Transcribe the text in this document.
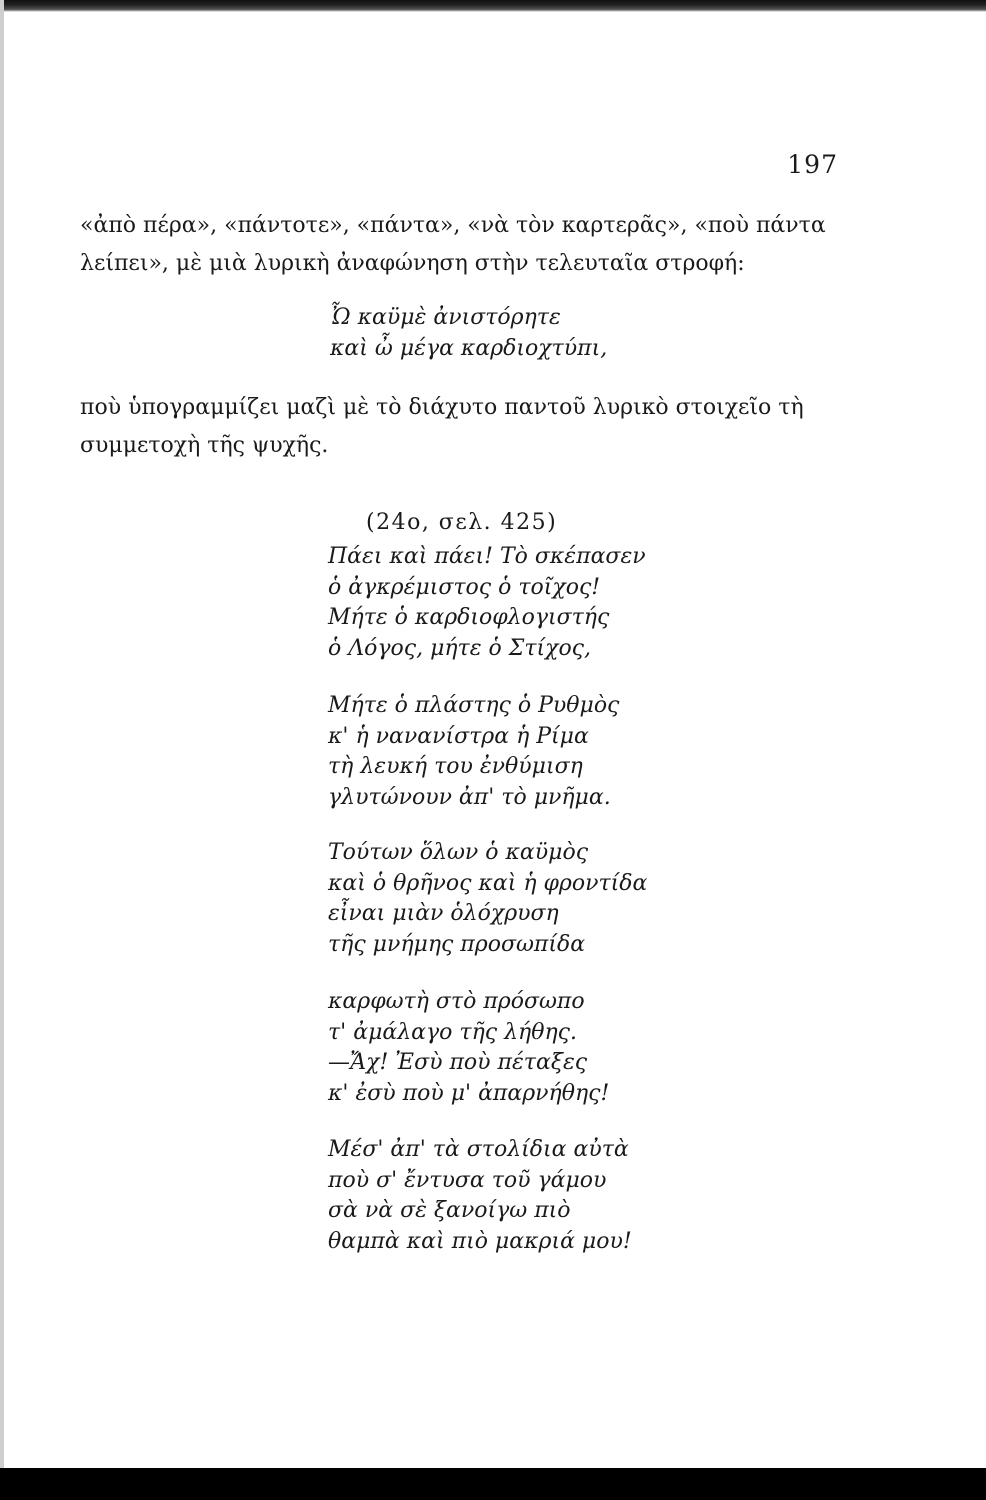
197

«ἀπὸ πέρα», «πάντοτε», «πάντα», «νὰ τὸν καρτερᾶς», «ποὺ πάντα
λείπει», μὲ μιὰ λυρικὴ ἀναφώνηση στὴν τελευταῖα στροφή:

Ὦ καϋμὲ ἀνιστόρητε
καὶ ὦ μέγα καρδιοχτύπι,

ποὺ ὑπογραμμίζει μαζὶ μὲ τὸ διάχυτο παντοῦ λυρικὸ στοιχεῖο τὴ
συμμετοχὴ τῆς ψυχῆς.

(24ο, σελ. 425)
Πάει καὶ πάει! Τὸ σκέπασεν
ὁ ἀγκρέμιστος ὁ τοῖχος!
Μήτε ὁ καρδιοφλογιστής
ὁ Λόγος, μήτε ὁ Στίχος,
Μήτε ὁ πλάστης ὁ Ρυθμὸς
κ' ἡ νανανίστρα ἡ Ρίμα
τὴ λευκή του ἐνθύμιση
γλυτώνουν ἀπ' τὸ μνῆμα.
Τούτων ὅλων ὁ καϋμὸς
καὶ ὁ θρῆνος καὶ ἡ φροντίδα
εἶναι μιὰν ὁλόχρυση
τῆς μνήμης προσωπίδα
καρφωτὴ στὸ πρόσωπο
τ' ἀμάλαγο τῆς λήθης.
—Ἄχ! Ἐσὺ ποὺ πέταξες
κ' ἐσὺ ποὺ μ' ἀπαρνήθης!
Μέσ' ἀπ' τὰ στολίδια αὐτὰ
ποὺ σ' ἔντυσα τοῦ γάμου
σὰ νὰ σὲ ξανοίγω πιὸ
θαμπὰ καὶ πιὸ μακριά μου!
